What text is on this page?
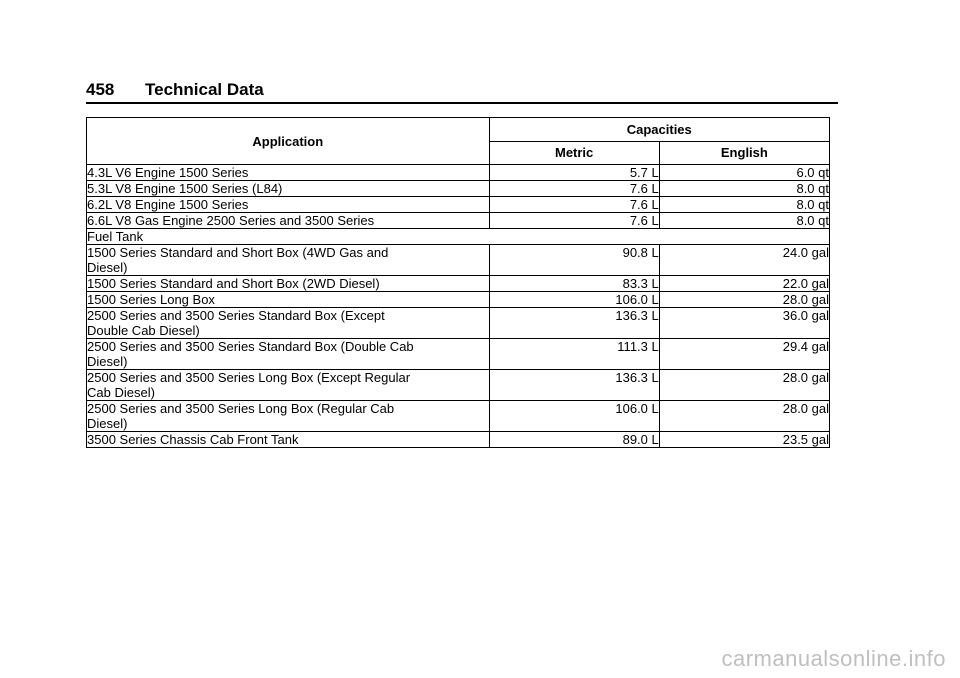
458 Technical Data
Application	Capacities	
	Metric	English
4.3L V6 Engine 1500 Series	5.7 L	6.0 qt
5.3L V8 Engine 1500 Series (L84)	7.6 L	8.0 qt
6.2L V8 Engine 1500 Series	7.6 L	8.0 qt
6.6L V8 Gas Engine 2500 Series and 3500 Series	7.6 L	8.0 qt
Fuel Tank		

1500 Series Standard and Short Box (4WD Gas and
Diesel)	90.8 L	24.0 gal

1500 Series Standard and Short Box (2WD Diesel)	83.3 L	22.0 gal

1500 Series Long Box	106.0 L	28.0 gal

2500 Series and 3500 Series Standard Box (Except
Double Cab Diesel)	136.3 L	36.0 gal

2500 Series and 3500 Series Standard Box (Double Cab
Diesel)	111.3 L	29.4 gal

2500 Series and 3500 Series Long Box (Except Regular
Cab Diesel)	136.3 L	28.0 gal

2500 Series and 3500 Series Long Box (Regular Cab
Diesel)	106.0 L	28.0 gal

3500 Series Chassis Cab Front Tank	89.0 L	23.5 gal
carmanualsonline.info
